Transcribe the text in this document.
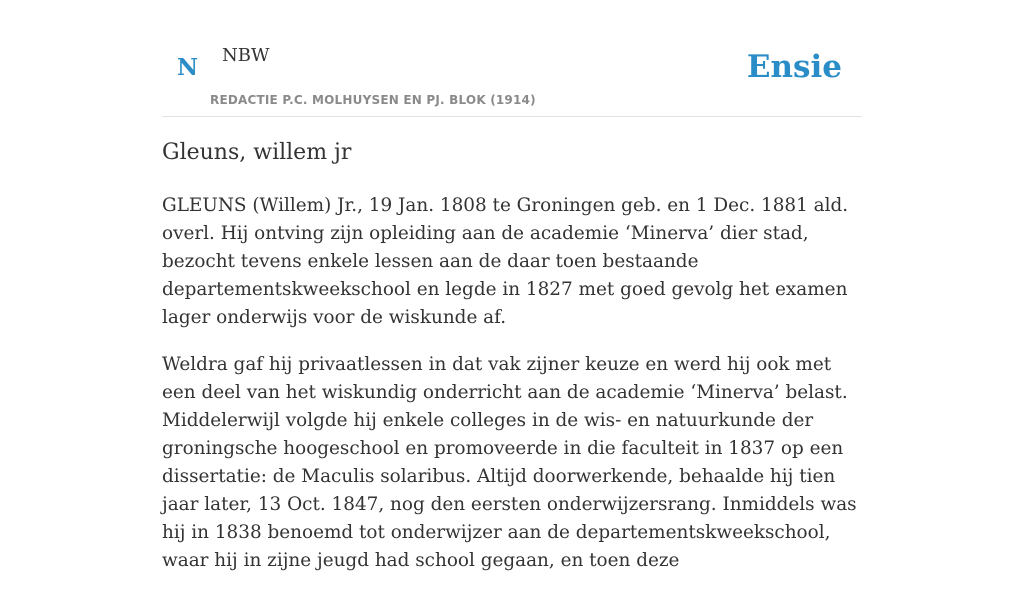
N NBW
REDACTIE P.C. MOLHUYSEN EN PJ. BLOK (1914)
Ensie
Gleuns, willem jr

GLEUNS (Willem) Jr., 19 Jan. 1808 te Groningen geb. en 1 Dec. 1881 ald. overl. Hij ontving zijn opleiding aan de academie ‘Minerva’ dier stad, bezocht tevens enkele lessen aan de daar toen bestaande departementskweekschool en legde in 1827 met goed gevolg het examen lager onderwijs voor de wiskunde af.

Weldra gaf hij privaatlessen in dat vak zijner keuze en werd hij ook met een deel van het wiskundig onderricht aan de academie ‘Minerva’ belast. Middelerwijl volgde hij enkele colleges in de wis- en natuurkunde der groningsche hoogeschool en promoveerde in die faculteit in 1837 op een dissertatie: de Maculis solaribus. Altijd doorwerkende, behaalde hij tien jaar later, 13 Oct. 1847, nog den eersten onderwijzersrang. Inmiddels was hij in 1838 benoemd tot onderwijzer aan de departementskweekschool, waar hij in zijne jeugd had school gegaan, en toen deze
